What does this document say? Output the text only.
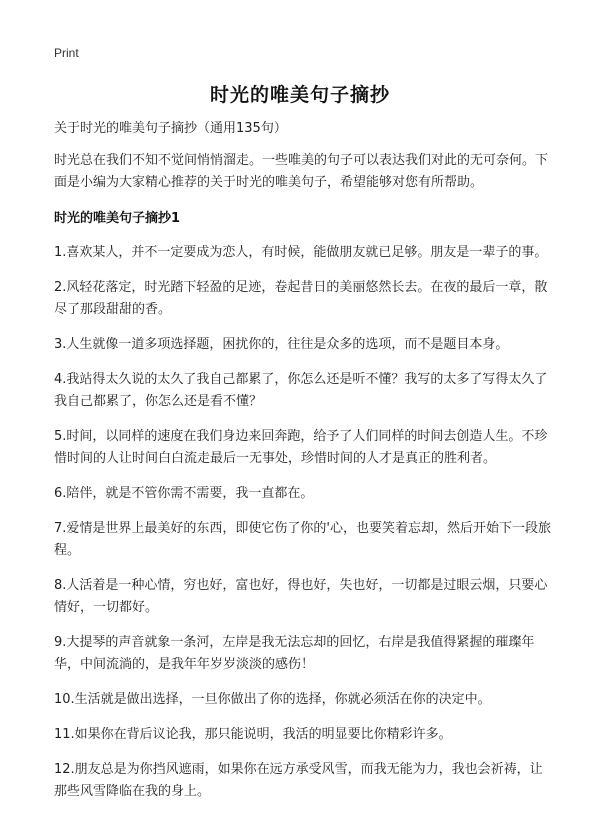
Print
时光的唯美句子摘抄

关于时光的唯美句子摘抄（通用135句）

时光总在我们不知不觉间悄悄溜走。一些唯美的句子可以表达我们对此的无可奈何。下面是小编为大家精心推荐的关于时光的唯美句子，希望能够对您有所帮助。

时光的唯美句子摘抄1

1.喜欢某人，并不一定要成为恋人，有时候，能做朋友就已足够。朋友是一辈子的事。

2.风轻花落定，时光踏下轻盈的足迹，卷起昔日的美丽悠然长去。在夜的最后一章，散尽了那段甜甜的香。

3.人生就像一道多项选择题，困扰你的，往往是众多的选项，而不是题目本身。

4.我站得太久说的太久了我自己都累了，你怎么还是听不懂？我写的太多了写得太久了我自己都累了，你怎么还是看不懂？

5.时间，以同样的速度在我们身边来回奔跑，给予了人们同样的时间去创造人生。不珍惜时间的人让时间白白流走最后一无事处，珍惜时间的人才是真正的胜利者。

6.陪伴，就是不管你需不需要，我一直都在。

7.爱情是世界上最美好的东西，即使它伤了你的'心，也要笑着忘却，然后开始下一段旅程。

8.人活着是一种心情，穷也好，富也好，得也好，失也好，一切都是过眼云烟，只要心情好，一切都好。

9.大提琴的声音就象一条河，左岸是我无法忘却的回忆，右岸是我值得紧握的璀璨年华，中间流淌的，是我年年岁岁淡淡的感伤！

10.生活就是做出选择，一旦你做出了你的选择，你就必须活在你的决定中。

11.如果你在背后议论我，那只能说明，我活的明显要比你精彩许多。

12.朋友总是为你挡风遮雨，如果你在远方承受风雪，而我无能为力，我也会祈祷，让那些风雪降临在我的身上。
